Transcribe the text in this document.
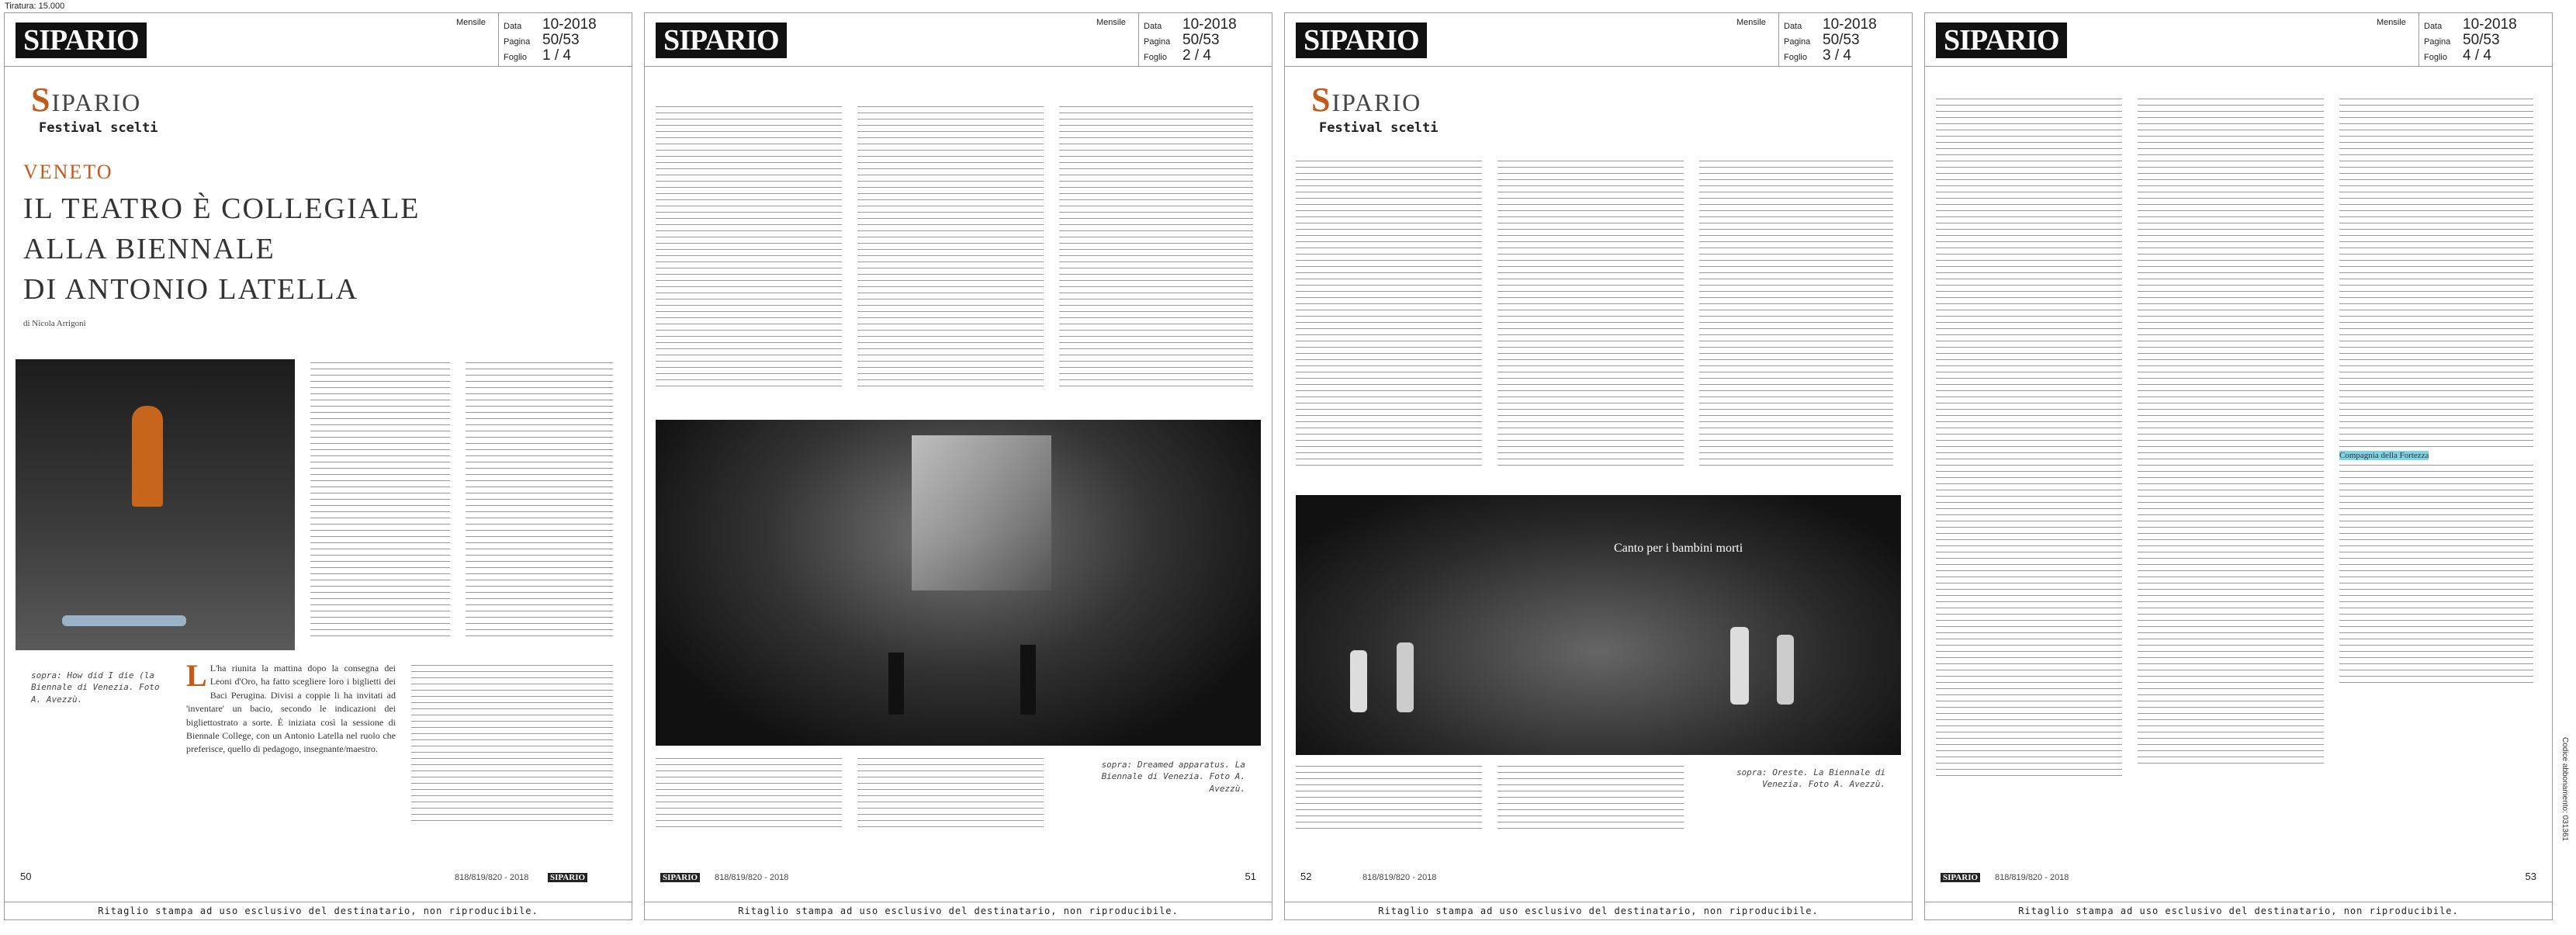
Tiratura: 15.000
SIPARIO
Mensile Data 10-2018
Pagina 50/53
Foglio 1 / 4
SIPARIO
Festival scelti
VENETO
IL TEATRO È COLLEGIALE
ALLA BIENNALE
DI ANTONIO LATELLA
di Nicola Arrigoni
sopra: How did I die (la Biennale di Venezia. Foto A. Avezzù.
L L'ha riunita la mattina dopo la consegna dei Leoni d'Oro, ha fatto scegliere loro i biglietti dei Baci Perugina. Divisi a coppie li ha invitati ad 'inventare' un bacio, secondo le indicazioni dei bigliettostrato a sorte. È iniziata così la sessione di Biennale College, con un Antonio Latella nel ruolo che preferisce, quello di pedagogo, insegnante/maestro.
50	818/819/820 - 2018	SIPARIO
Ritaglio stampa ad uso esclusivo del destinatario, non riproducibile.
SIPARIO
Mensile Data 10-2018
Pagina 50/53
Foglio 2 / 4
sopra: Dreamed apparatus. La Biennale di Venezia. Foto A. Avezzù.
SIPARIO 818/819/820 - 2018	51
Ritaglio stampa ad uso esclusivo del destinatario, non riproducibile.
SIPARIO
Mensile Data 10-2018
Pagina 50/53
Foglio 3 / 4
SIPARIO
Festival scelti
Canto per i bambini morti
sopra: Oreste. La Biennale di Venezia. Foto A. Avezzù.
52	818/819/820 - 2018
Ritaglio stampa ad uso esclusivo del destinatario, non riproducibile.
SIPARIO
Mensile Data 10-2018
Pagina 50/53
Foglio 4 / 4
Compagnia della Fortezza
SIPARIO 818/819/820 - 2018	53
Ritaglio stampa ad uso esclusivo del destinatario, non riproducibile.
Codice abbonamento: 031361
